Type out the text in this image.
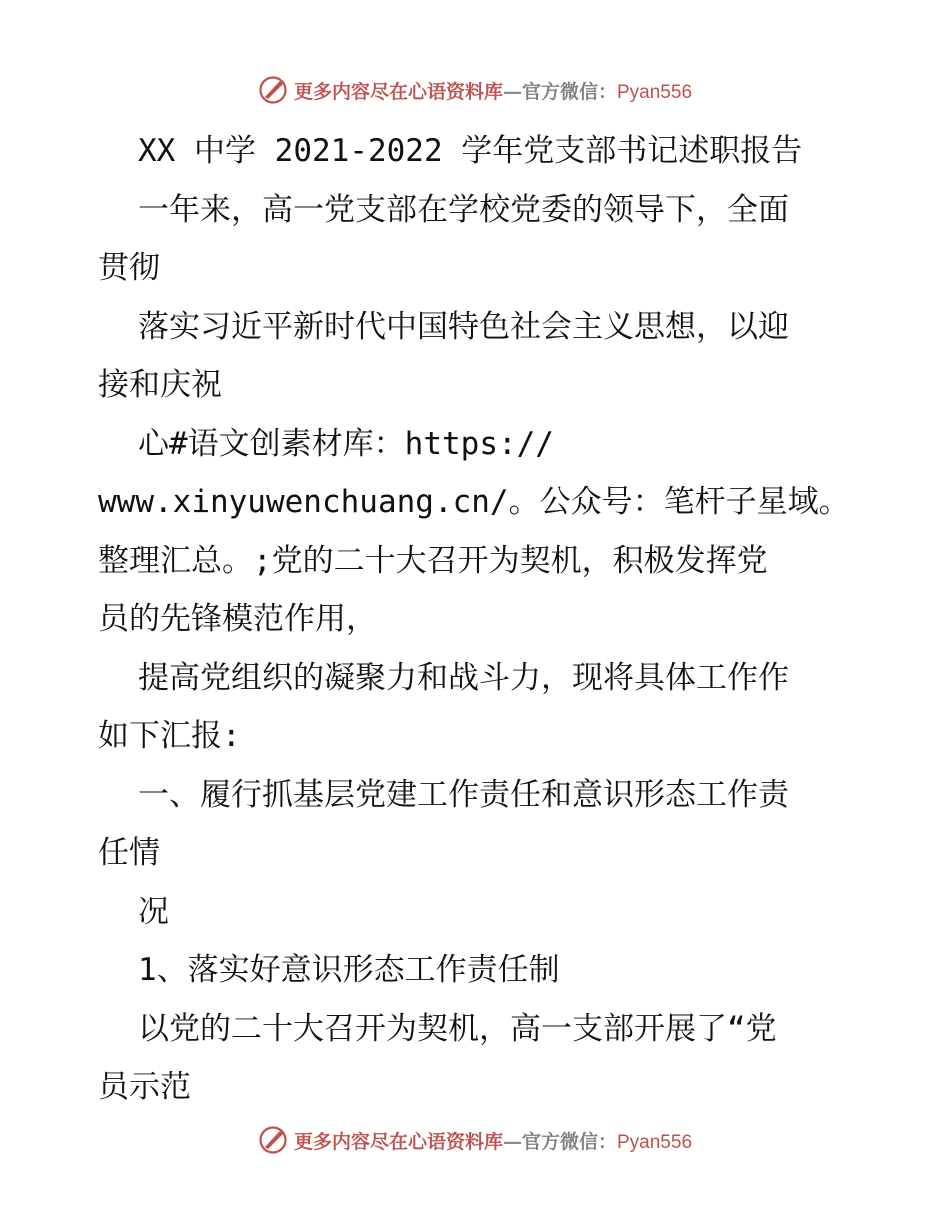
更多内容尽在心语资料库—官方微信：Pyan556
XX 中学 2021-2022 学年党支部书记述职报告
一年来，高一党支部在学校党委的领导下，全面
贯彻
落实习近平新时代中国特色社会主义思想，以迎
接和庆祝
心#语文创素材库：https://
www.xinyuwenchuang.cn/。公众号：笔杆子星域。
整理汇总。;党的二十大召开为契机，积极发挥党
员的先锋模范作用，
提高党组织的凝聚力和战斗力，现将具体工作作
如下汇报:
一、履行抓基层党建工作责任和意识形态工作责
任情
况
1、落实好意识形态工作责任制
以党的二十大召开为契机，高一支部开展了“党
员示范
更多内容尽在心语资料库—官方微信：Pyan556
